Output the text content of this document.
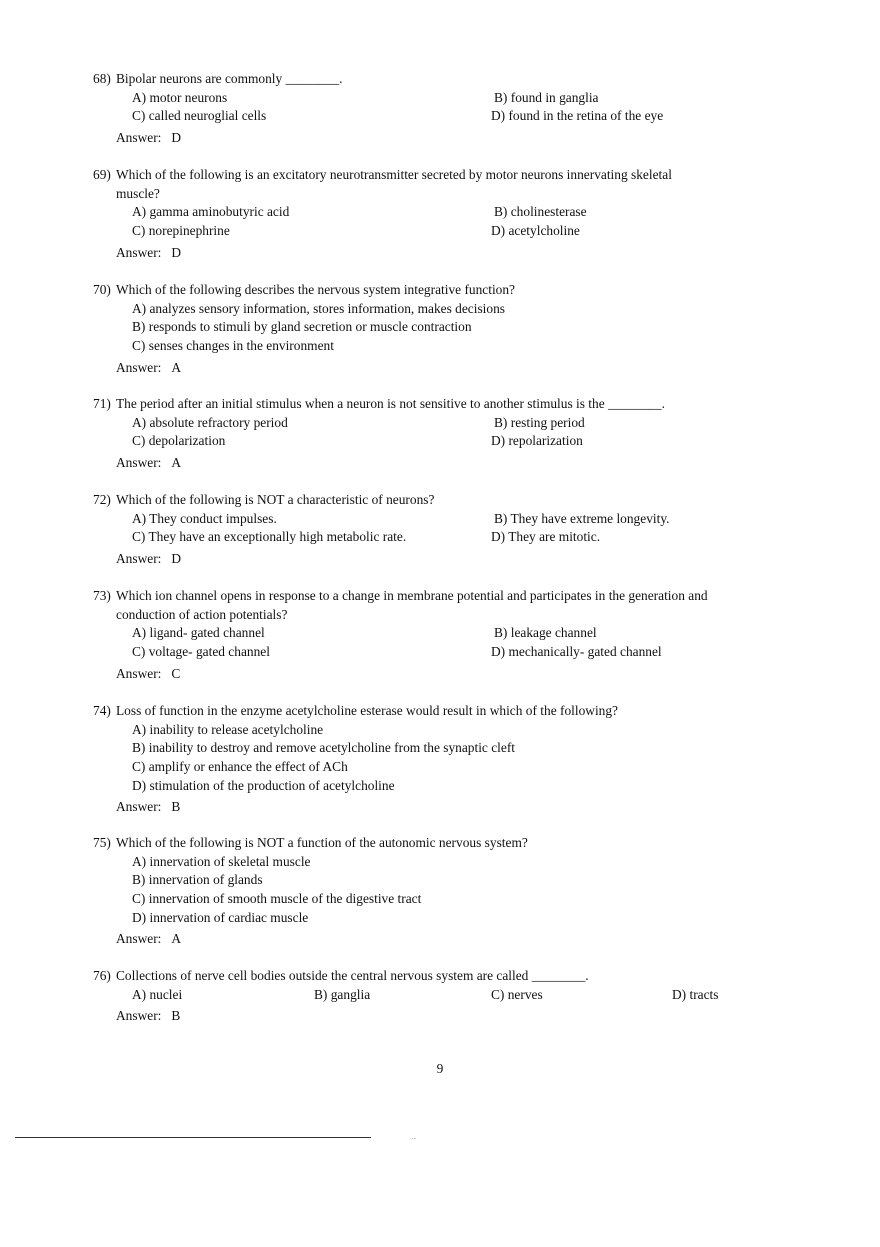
68) Bipolar neurons are commonly ________.
A) motor neurons	B) found in ganglia
C) called neuroglial cells	D) found in the retina of the eye
Answer:   D
69) Which of the following is an excitatory neurotransmitter secreted by motor neurons innervating skeletal muscle?
A) gamma aminobutyric acid	B) cholinesterase
C) norepinephrine	D) acetylcholine
Answer:   D
70) Which of the following describes the nervous system integrative function?
A) analyzes sensory information, stores information, makes decisions
B) responds to stimuli by gland secretion or muscle contraction
C) senses changes in the environment
Answer:   A
71) The period after an initial stimulus when a neuron is not sensitive to another stimulus is the ________.
A) absolute refractory period	B) resting period
C) depolarization	D) repolarization
Answer:   A
72) Which of the following is NOT a characteristic of neurons?
A) They conduct impulses.	B) They have extreme longevity.
C) They have an exceptionally high metabolic rate.	D) They are mitotic.
Answer:   D
73) Which ion channel opens in response to a change in membrane potential and participates in the generation and conduction of action potentials?
A) ligand- gated channel	B) leakage channel
C) voltage- gated channel	D) mechanically- gated channel
Answer:   C
74) Loss of function in the enzyme acetylcholine esterase would result in which of the following?
A) inability to release acetylcholine
B) inability to destroy and remove acetylcholine from the synaptic cleft
C) amplify or enhance the effect of ACh
D) stimulation of the production of acetylcholine
Answer:   B
75) Which of the following is NOT a function of the autonomic nervous system?
A) innervation of skeletal muscle
B) innervation of glands
C) innervation of smooth muscle of the digestive tract
D) innervation of cardiac muscle
Answer:   A
76) Collections of nerve cell bodies outside the central nervous system are called ________.
A) nuclei	B) ganglia	C) nerves	D) tracts
Answer:   B
9
...
